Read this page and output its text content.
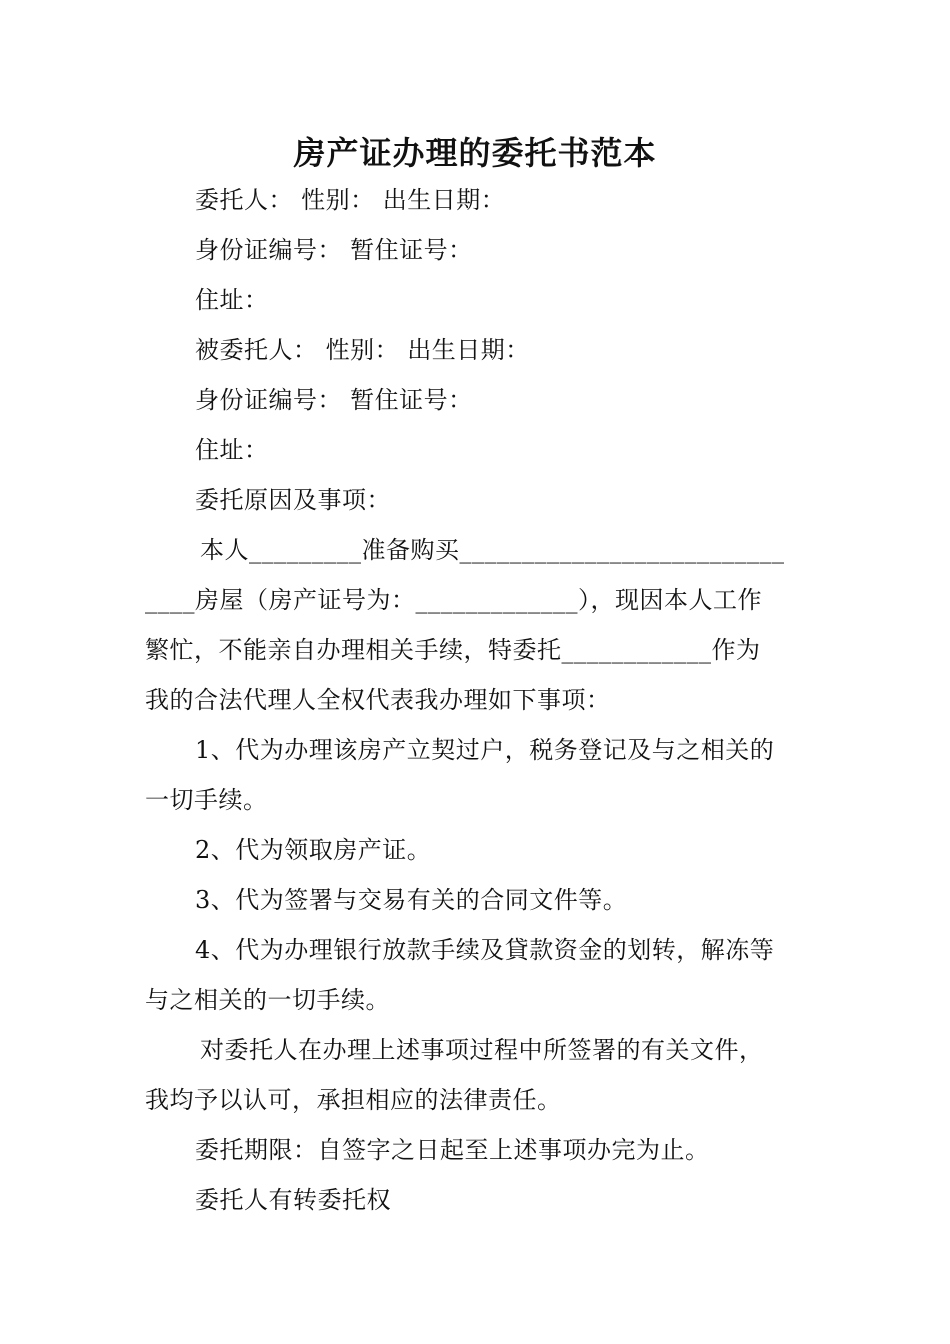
房产证办理的委托书范本

委托人： 性别： 出生日期：

身份证编号： 暂住证号：

住址：

被委托人： 性别： 出生日期：

身份证编号： 暂住证号：

住址：

委托原因及事项：

本人_________准备购买__________________________

____房屋（房产证号为：_____________），现因本人工作

繁忙，不能亲自办理相关手续，特委托____________作为

我的合法代理人全权代表我办理如下事项：

1、代为办理该房产立契过户，税务登记及与之相关的

一切手续。

2、代为领取房产证。

3、代为签署与交易有关的合同文件等。

4、代为办理银行放款手续及貸款资金的划转，解冻等

与之相关的一切手续。

对委托人在办理上述事项过程中所签署的有关文件，

我均予以认可，承担相应的法律责任。

委托期限：自签字之日起至上述事项办完为止。

委托人有转委托权
